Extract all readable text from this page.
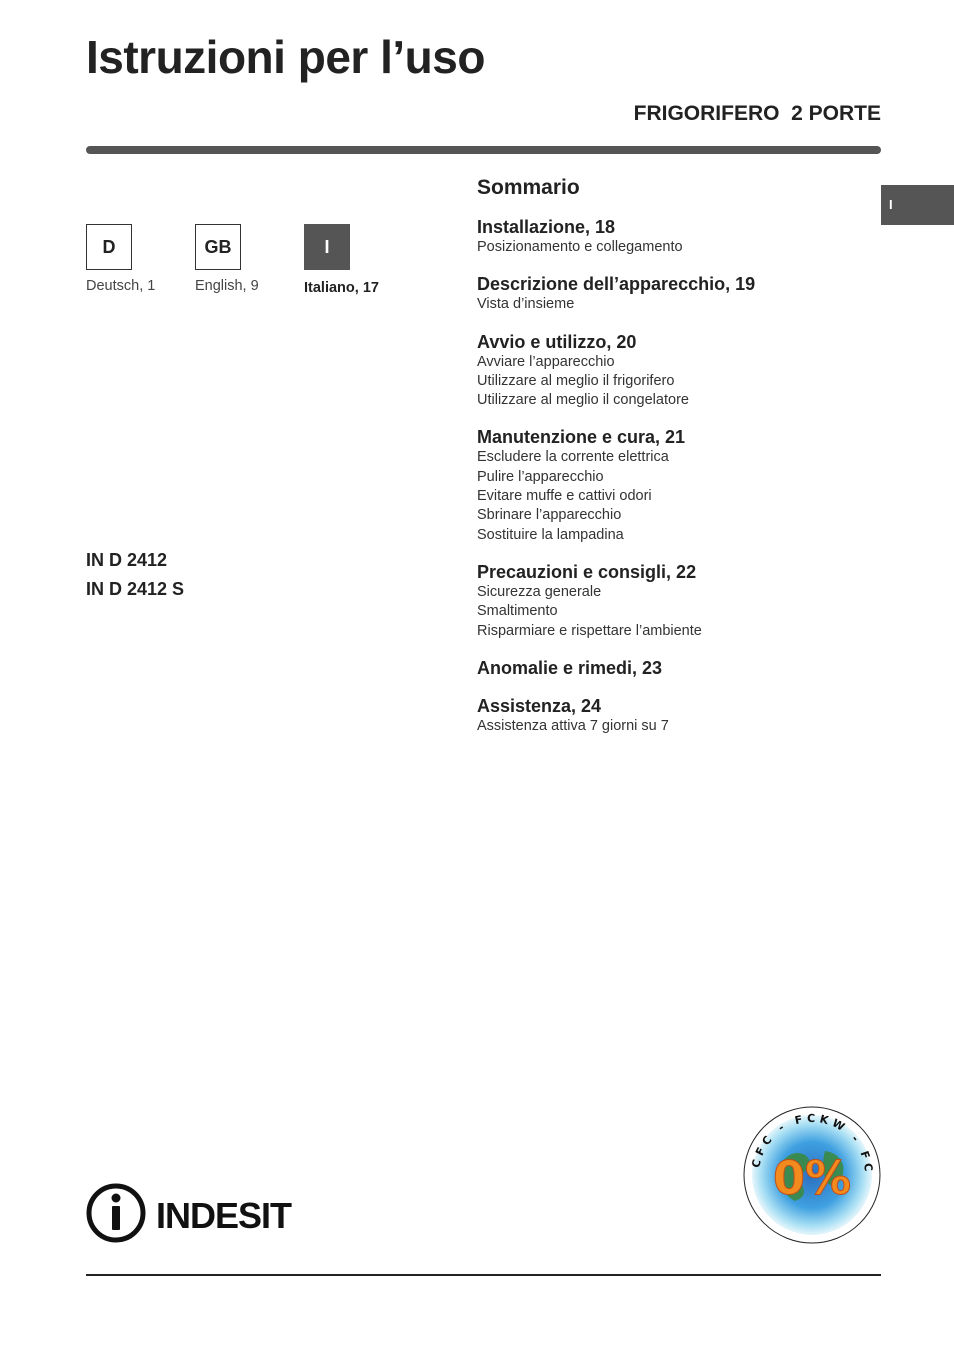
Istruzioni per l’uso
FRIGORIFERO  2 PORTE
I
D	GB	I
Deutsch, 1	English, 9	Italiano, 17
IN D 2412
IN D 2412 S
Sommario
Installazione, 18
Posizionamento e collegamento
Descrizione dell’apparecchio, 19
Vista d’insieme
Avvio e utilizzo, 20
Avviare l’apparecchio
Utilizzare al meglio il frigorifero
Utilizzare al meglio il congelatore
Manutenzione e cura, 21
Escludere la corrente elettrica
Pulire l’apparecchio
Evitare muffe e cattivi odori
Sbrinare l’apparecchio
Sostituire la lampadina
Precauzioni e consigli, 22
Sicurezza generale
Smaltimento
Risparmiare e rispettare l’ambiente
Anomalie e rimedi, 23
Assistenza, 24
Assistenza attiva 7 giorni su 7
INDESIT
CFC - FCKW - FC
0%
